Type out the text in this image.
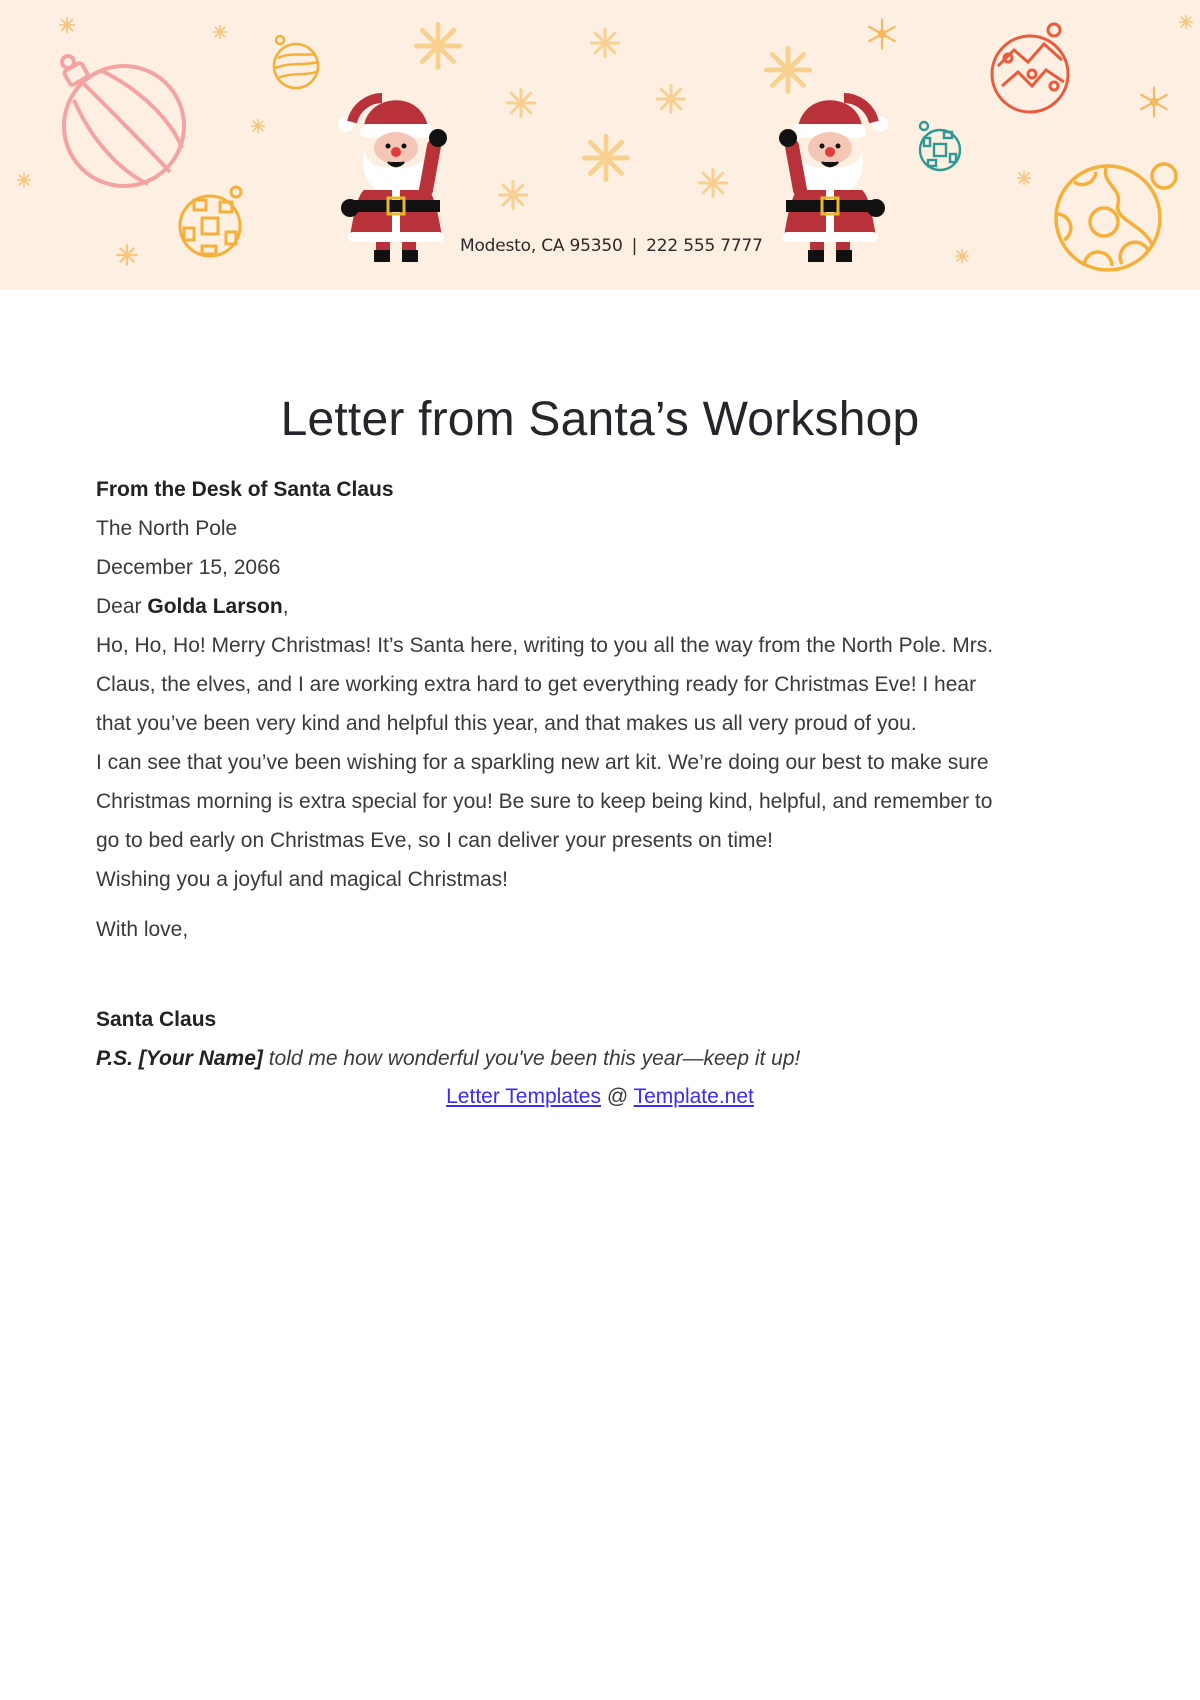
Modesto, CA 95350 | 222 555 7777
Letter from Santa’s Workshop
From the Desk of Santa Claus
The North Pole
December 15, 2066
Dear Golda Larson,
Ho, Ho, Ho! Merry Christmas! It’s Santa here, writing to you all the way from the North Pole. Mrs.
Claus, the elves, and I are working extra hard to get everything ready for Christmas Eve! I hear
that you’ve been very kind and helpful this year, and that makes us all very proud of you.
I can see that you’ve been wishing for a sparkling new art kit. We’re doing our best to make sure
Christmas morning is extra special for you! Be sure to keep being kind, helpful, and remember to
go to bed early on Christmas Eve, so I can deliver your presents on time!
Wishing you a joyful and magical Christmas!
With love,
Santa Claus
P.S. [Your Name] told me how wonderful you've been this year—keep it up!
Letter Templates @ Template.net
